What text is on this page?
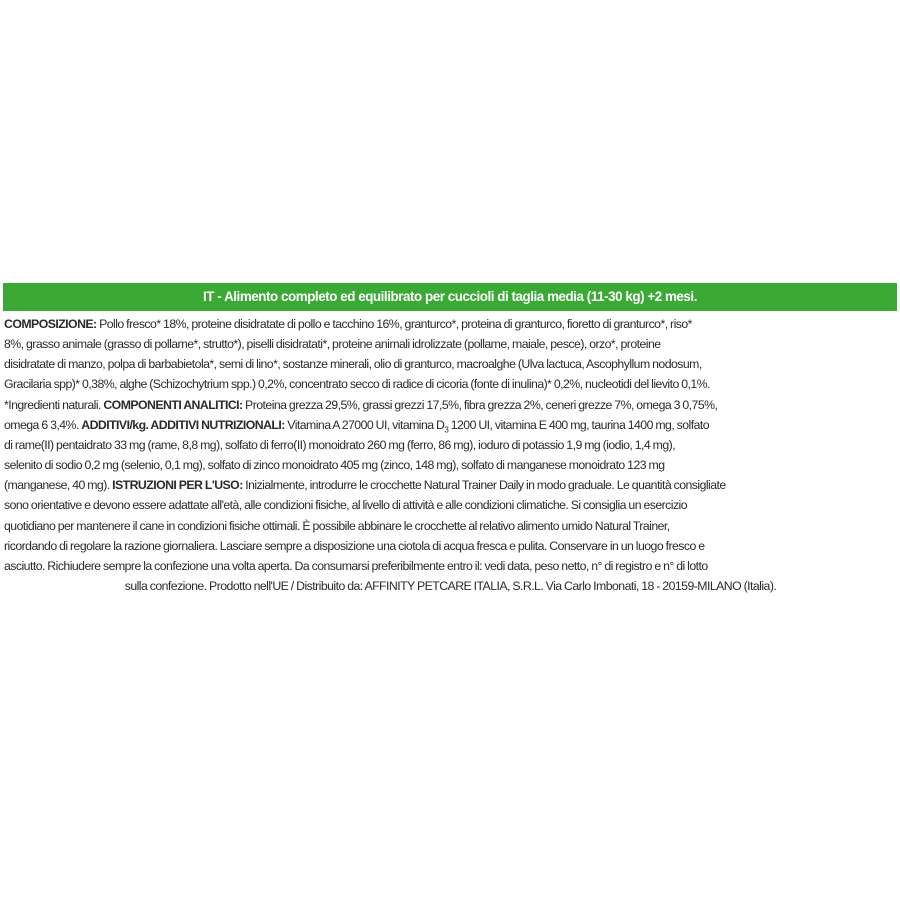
IT - Alimento completo ed equilibrato per cuccioli di taglia media (11-30 kg) +2 mesi.
COMPOSIZIONE: Pollo fresco* 18%, proteine disidratate di pollo e tacchino 16%, granturco*, proteina di granturco, fioretto di granturco*, riso*
8%, grasso animale (grasso di pollame*, strutto*), piselli disidratati*, proteine animali idrolizzate (pollame, maiale, pesce), orzo*, proteine
disidratate di manzo, polpa di barbabietola*, semi di lino*, sostanze minerali, olio di granturco, macroalghe (Ulva lactuca, Ascophyllum nodosum,
Gracilaria spp)* 0,38%, alghe (Schizochytrium spp.) 0,2%, concentrato secco di radice di cicoria (fonte di inulina)* 0,2%, nucleotidi del lievito 0,1%.
*Ingredienti naturali. COMPONENTI ANALITICI: Proteina grezza 29,5%, grassi grezzi 17,5%, fibra grezza 2%, ceneri grezze 7%, omega 3 0,75%,
omega 6 3,4%. ADDITIVI/kg. ADDITIVI NUTRIZIONALI: Vitamina A 27000 UI, vitamina $D_3$ 1200 UI, vitamina E 400 mg, taurina 1400 mg, solfato
di rame(II) pentaidrato 33 mg (rame, 8,8 mg), solfato di ferro(II) monoidrato 260 mg (ferro, 86 mg), ioduro di potassio 1,9 mg (iodio, 1,4 mg),
selenito di sodio 0,2 mg (selenio, 0,1 mg), solfato di zinco monoidrato 405 mg (zinco, 148 mg), solfato di manganese monoidrato 123 mg
(manganese, 40 mg). ISTRUZIONI PER L'USO: Inizialmente, introdurre le crocchette Natural Trainer Daily in modo graduale. Le quantità consigliate
sono orientative e devono essere adattate all'età, alle condizioni fisiche, al livello di attività e alle condizioni climatiche. Si consiglia un esercizio
quotidiano per mantenere il cane in condizioni fisiche ottimali. È possibile abbinare le crocchette al relativo alimento umido Natural Trainer,
ricordando di regolare la razione giornaliera. Lasciare sempre a disposizione una ciotola di acqua fresca e pulita. Conservare in un luogo fresco e
asciutto. Richiudere sempre la confezione una volta aperta. Da consumarsi preferibilmente entro il: vedi data, peso netto, n° di registro e n° di lotto
sulla confezione. Prodotto nell'UE / Distribuito da: AFFINITY PETCARE ITALIA, S.R.L. Via Carlo Imbonati, 18 - 20159-MILANO (Italia).
